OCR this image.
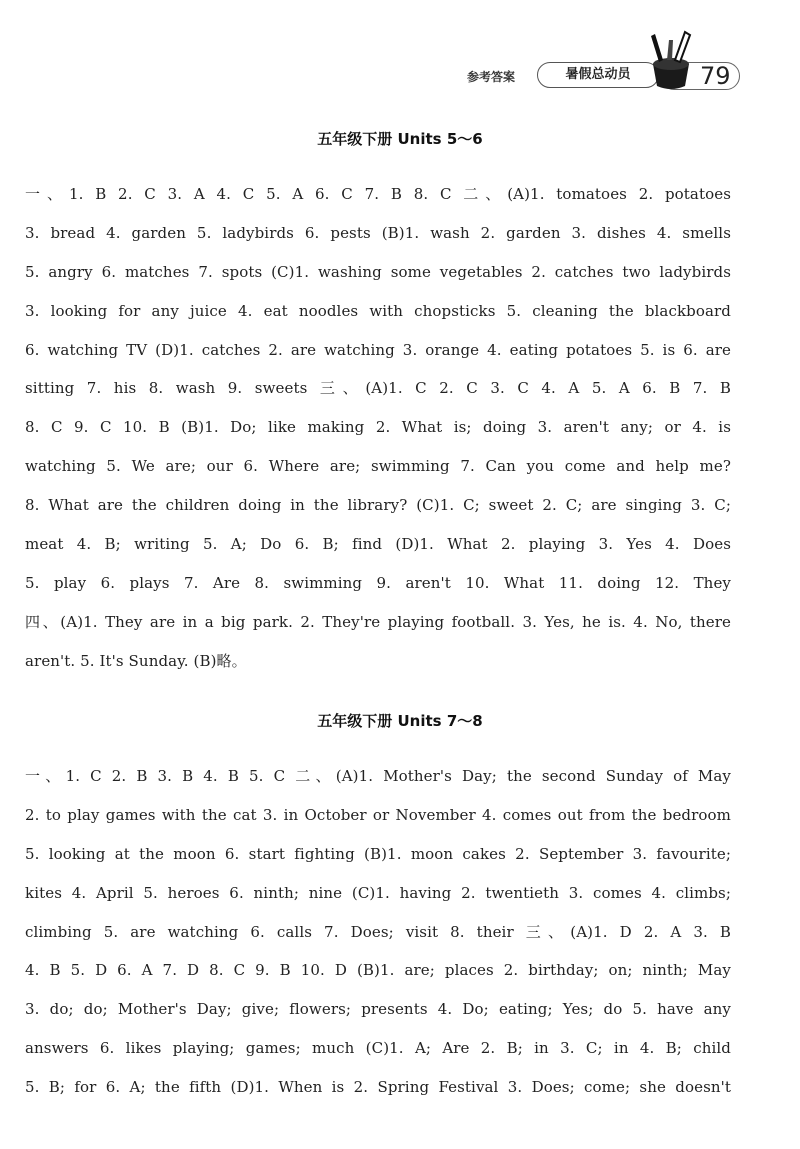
参考答案	暑假总动员	79
五年级下册 Units 5～6
一、1. B 2. C 3. A 4. C 5. A 6. C 7. B 8. C 二、(A)1. tomatoes 2. potatoes
3. bread 4. garden 5. ladybirds 6. pests (B)1. wash 2. garden 3. dishes 4. smells
5. angry 6. matches 7. spots (C)1. washing some vegetables 2. catches two ladybirds
3. looking for any juice 4. eat noodles with chopsticks 5. cleaning the blackboard
6. watching TV (D)1. catches 2. are watching 3. orange 4. eating potatoes 5. is 6. are
sitting 7. his 8. wash 9. sweets 三、(A)1. C 2. C 3. C 4. A 5. A 6. B 7. B
8. C 9. C 10. B (B)1. Do; like making 2. What is; doing 3. aren't any; or 4. is
watching 5. We are; our 6. Where are; swimming 7. Can you come and help me?
8. What are the children doing in the library? (C)1. C; sweet 2. C; are singing 3. C;
meat 4. B; writing 5. A; Do 6. B; find (D)1. What 2. playing 3. Yes 4. Does
5. play 6. plays 7. Are 8. swimming 9. aren't 10. What 11. doing 12. They
四、(A)1. They are in a big park. 2. They're playing football. 3. Yes, he is. 4. No, there
aren't. 5. It's Sunday. (B)略。
五年级下册 Units 7～8
一、1. C 2. B 3. B 4. B 5. C 二、(A)1. Mother's Day; the second Sunday of May
2. to play games with the cat 3. in October or November 4. comes out from the bedroom
5. looking at the moon 6. start fighting (B)1. moon cakes 2. September 3. favourite;
kites 4. April 5. heroes 6. ninth; nine (C)1. having 2. twentieth 3. comes 4. climbs;
climbing 5. are watching 6. calls 7. Does; visit 8. their 三、(A)1. D 2. A 3. B
4. B 5. D 6. A 7. D 8. C 9. B 10. D (B)1. are; places 2. birthday; on; ninth; May
3. do; do; Mother's Day; give; flowers; presents 4. Do; eating; Yes; do 5. have any
answers 6. likes playing; games; much (C)1. A; Are 2. B; in 3. C; in 4. B; child
5. B; for 6. A; the fifth (D)1. When is 2. Spring Festival 3. Does; come; she doesn't
